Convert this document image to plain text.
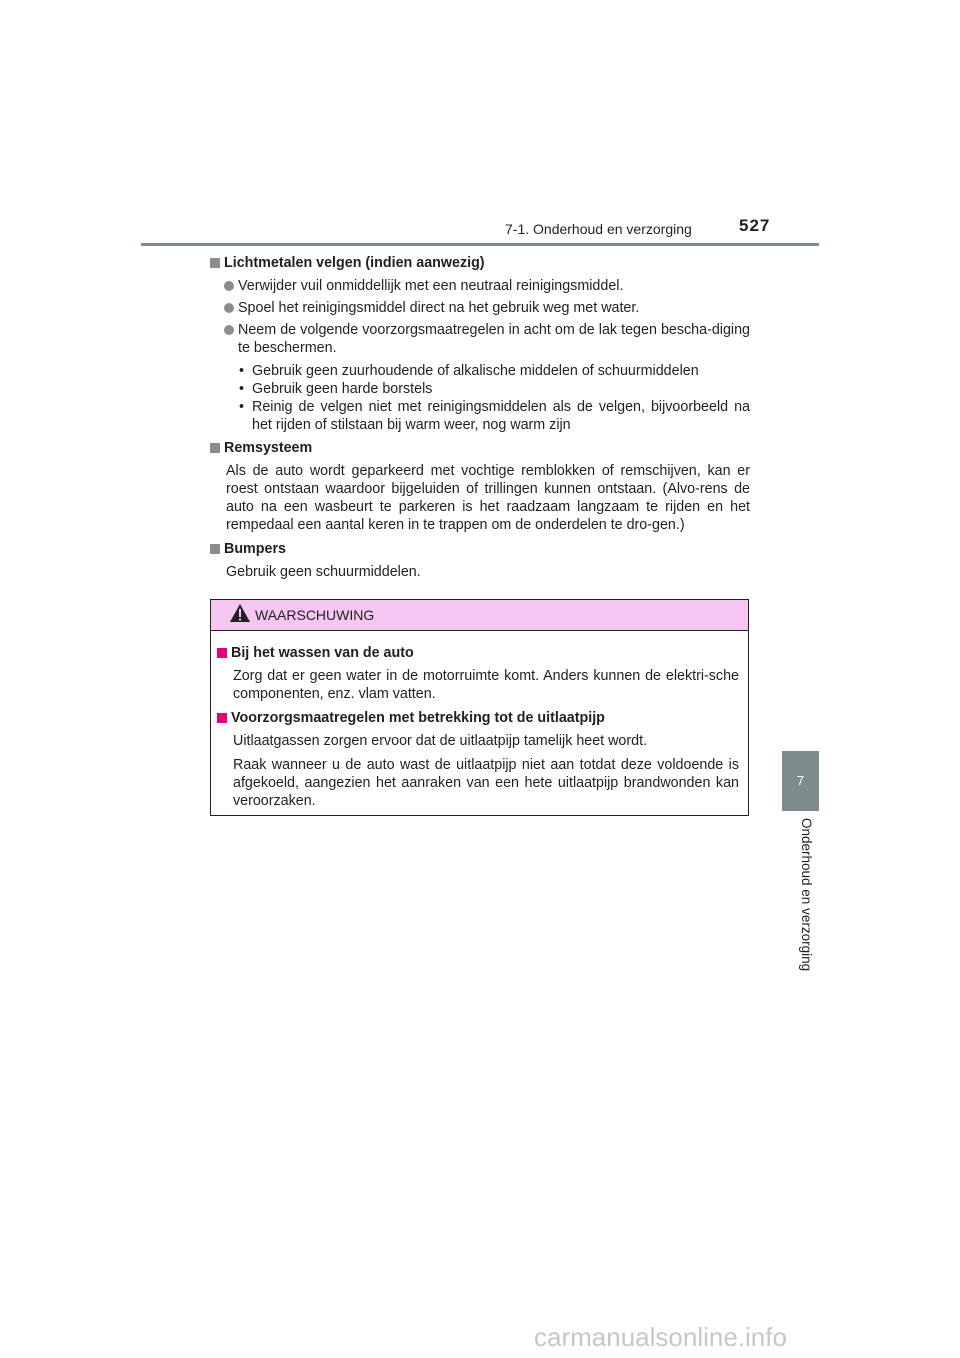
7-1. Onderhoud en verzorging	527
7
Onderhoud en verzorging
Lichtmetalen velgen (indien aanwezig)
Verwijder vuil onmiddellijk met een neutraal reinigingsmiddel.
Spoel het reinigingsmiddel direct na het gebruik weg met water.
Neem de volgende voorzorgsmaatregelen in acht om de lak tegen bescha-diging te beschermen.
• Gebruik geen zuurhoudende of alkalische middelen of schuurmiddelen
• Gebruik geen harde borstels
• Reinig de velgen niet met reinigingsmiddelen als de velgen, bijvoorbeeld na het rijden of stilstaan bij warm weer, nog warm zijn
Remsysteem
Als de auto wordt geparkeerd met vochtige remblokken of remschijven, kan er roest ontstaan waardoor bijgeluiden of trillingen kunnen ontstaan. (Alvo-rens de auto na een wasbeurt te parkeren is het raadzaam langzaam te rijden en het rempedaal een aantal keren in te trappen om de onderdelen te dro-gen.)
Bumpers
Gebruik geen schuurmiddelen.
WAARSCHUWING
Bij het wassen van de auto
Zorg dat er geen water in de motorruimte komt. Anders kunnen de elektri-sche componenten, enz. vlam vatten.
Voorzorgsmaatregelen met betrekking tot de uitlaatpijp
Uitlaatgassen zorgen ervoor dat de uitlaatpijp tamelijk heet wordt.
Raak wanneer u de auto wast de uitlaatpijp niet aan totdat deze voldoende is afgekoeld, aangezien het aanraken van een hete uitlaatpijp brandwonden kan veroorzaken.
carmanualsonline.info
